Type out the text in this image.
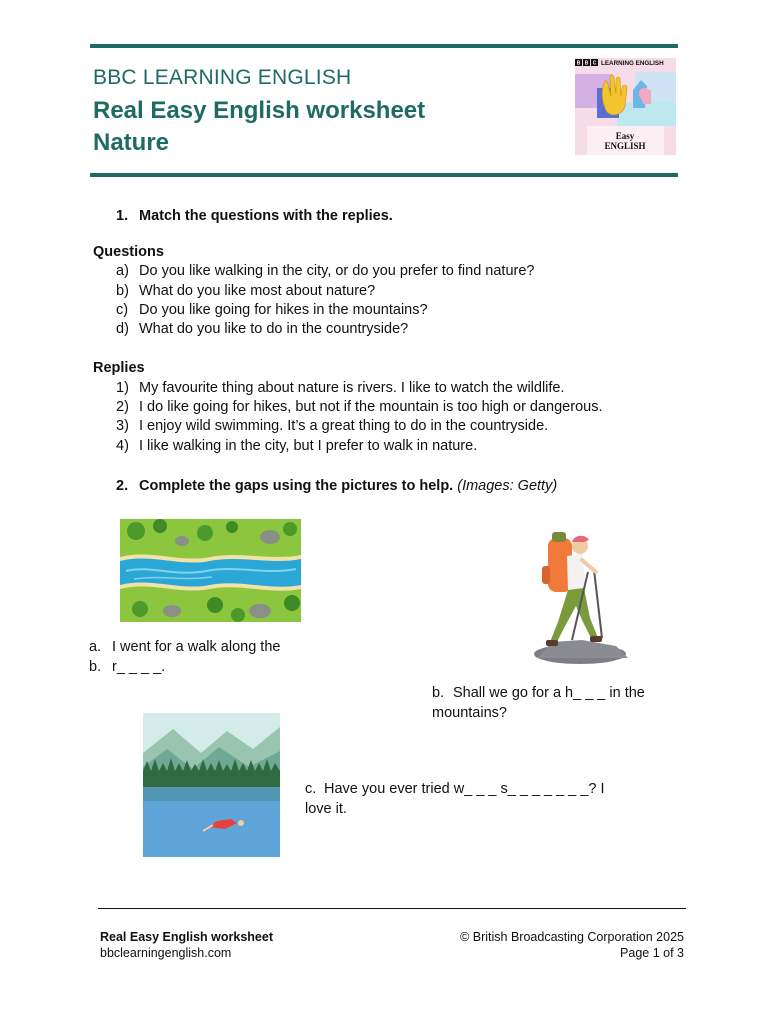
BBC LEARNING ENGLISH
Real Easy English worksheet
Nature
B B C LEARNING ENGLISH
Easy
ENGLISH
1. Match the questions with the replies.
Questions
a) Do you like walking in the city, or do you prefer to find nature?
b) What do you like most about nature?
c) Do you like going for hikes in the mountains?
d) What do you like to do in the countryside?
Replies
1) My favourite thing about nature is rivers. I like to watch the wildlife.
2) I do like going for hikes, but not if the mountain is too high or dangerous.
3) I enjoy wild swimming. It’s a great thing to do in the countryside.
4) I like walking in the city, but I prefer to walk in nature.
2. Complete the gaps using the pictures to help. (Images: Getty)
a. I went for a walk along the
b. r_ _ _ _.
b. Shall we go for a h_ _ _ in the
mountains?
c. Have you ever tried w_ _ _ s_ _ _ _ _ _ _? I
love it.
Real Easy English worksheet
bbclearningenglish.com
© British Broadcasting Corporation 2025
Page 1 of 3
